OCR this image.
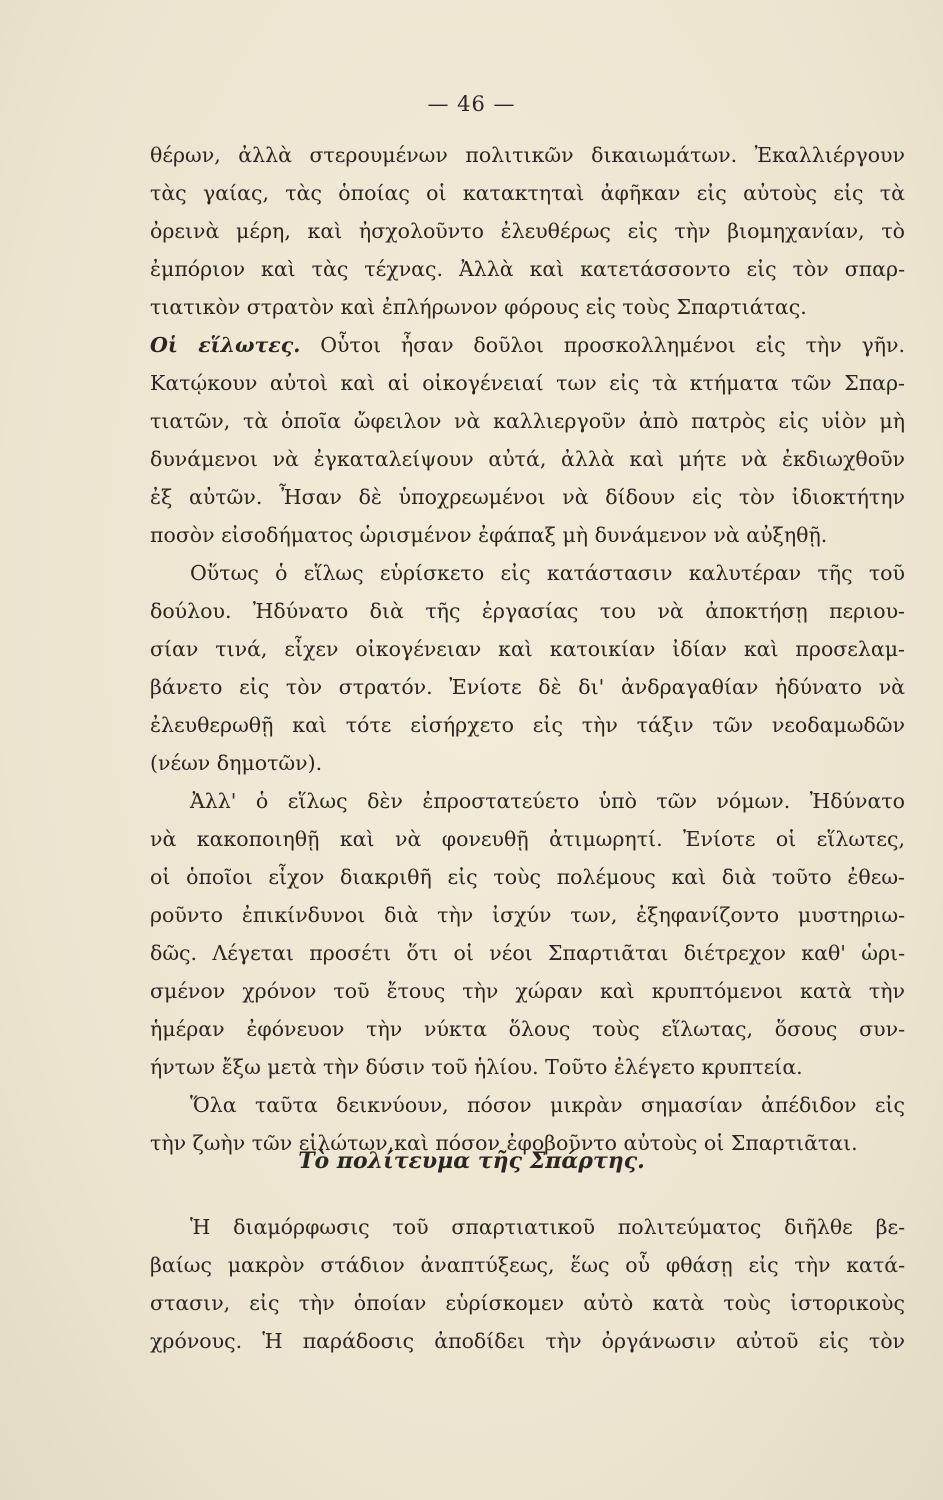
— 46 —
θέρων, ἀλλὰ στερουμένων πολιτικῶν δικαιωμάτων. Ἐκαλλιέργουν
τὰς γαίας, τὰς ὁποίας οἱ κατακτηταὶ ἀφῆκαν εἰς αὐτοὺς εἰς τὰ
ὀρεινὰ μέρη, καὶ ἠσχολοῦντο ἐλευθέρως εἰς τὴν βιομηχανίαν, τὸ
ἐμπόριον καὶ τὰς τέχνας. Ἀλλὰ καὶ κατετάσσοντο εἰς τὸν σπαρ-
τιατικὸν στρατὸν καὶ ἐπλήρωνον φόρους εἰς τοὺς Σπαρτιάτας.
Οἱ εἵλωτες. Οὗτοι ἦσαν δοῦλοι προσκολλημένοι εἰς τὴν γῆν.
Κατῴκουν αὐτοὶ καὶ αἱ οἰκογένειαί των εἰς τὰ κτήματα τῶν Σπαρ-
τιατῶν, τὰ ὁποῖα ὤφειλον νὰ καλλιεργοῦν ἀπὸ πατρὸς εἰς υἱὸν μὴ
δυνάμενοι νὰ ἐγκαταλείψουν αὐτά, ἀλλὰ καὶ μήτε νὰ ἐκδιωχθοῦν
ἐξ αὐτῶν. Ἦσαν δὲ ὑποχρεωμένοι νὰ δίδουν εἰς τὸν ἰδιοκτήτην
ποσὸν εἰσοδήματος ὡρισμένον ἐφάπαξ μὴ δυνάμενον νὰ αὐξηθῇ.
Οὕτως ὁ εἵλως εὑρίσκετο εἰς κατάστασιν καλυτέραν τῆς τοῦ
δούλου. Ἠδύνατο διὰ τῆς ἐργασίας του νὰ ἀποκτήσῃ περιου-
σίαν τινά, εἶχεν οἰκογένειαν καὶ κατοικίαν ἰδίαν καὶ προσελαμ-
βάνετο εἰς τὸν στρατόν. Ἐνίοτε δὲ δι' ἀνδραγαθίαν ἠδύνατο νὰ
ἐλευθερωθῇ καὶ τότε εἰσήρχετο εἰς τὴν τάξιν τῶν νεοδαμωδῶν
(νέων δημοτῶν).
Ἀλλ' ὁ εἵλως δὲν ἐπροστατεύετο ὑπὸ τῶν νόμων. Ἠδύνατο
νὰ κακοποιηθῇ καὶ νὰ φονευθῇ ἀτιμωρητί. Ἐνίοτε οἱ εἵλωτες,
οἱ ὁποῖοι εἶχον διακριθῆ εἰς τοὺς πολέμους καὶ διὰ τοῦτο ἐθεω-
ροῦντο ἐπικίνδυνοι διὰ τὴν ἰσχύν των, ἐξηφανίζοντο μυστηριω-
δῶς. Λέγεται προσέτι ὅτι οἱ νέοι Σπαρτιᾶται διέτρεχον καθ' ὡρι-
σμένον χρόνον τοῦ ἔτους τὴν χώραν καὶ κρυπτόμενοι κατὰ τὴν
ἡμέραν ἐφόνευον τὴν νύκτα ὅλους τοὺς εἵλωτας, ὅσους συν-
ήντων ἔξω μετὰ τὴν δύσιν τοῦ ἡλίου. Τοῦτο ἐλέγετο κρυπτεία.
Ὅλα ταῦτα δεικνύουν, πόσον μικρὰν σημασίαν ἀπέδιδον εἰς
τὴν ζωὴν τῶν εἱλώτων,καὶ πόσον ἐφοβοῦντο αὐτοὺς οἱ Σπαρτιᾶται.
Τὸ πολίτευμα τῆς Σπάρτης.
Ἡ διαμόρφωσις τοῦ σπαρτιατικοῦ πολιτεύματος διῆλθε βε-
βαίως μακρὸν στάδιον ἀναπτύξεως, ἕως οὗ φθάσῃ εἰς τὴν κατά-
στασιν, εἰς τὴν ὁποίαν εὑρίσκομεν αὐτὸ κατὰ τοὺς ἱστορικοὺς
χρόνους. Ἡ παράδοσις ἀποδίδει τὴν ὀργάνωσιν αὐτοῦ εἰς τὸν
